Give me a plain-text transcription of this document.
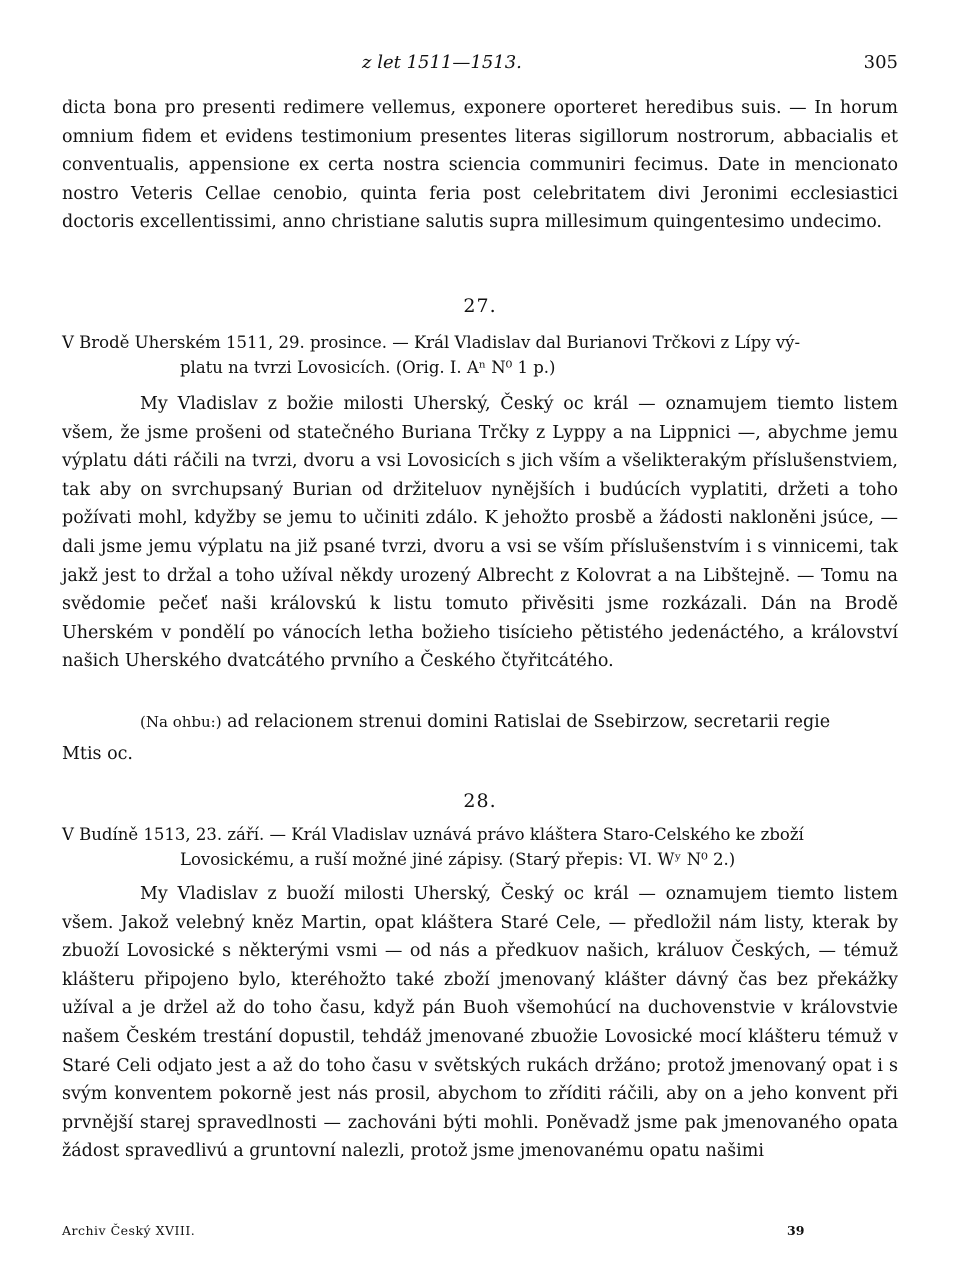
z let 1511—1513.	305

dicta bona pro presenti redimere vellemus, exponere oporteret heredibus suis. — In horum omnium fidem et evidens testimonium presentes literas sigillorum nostrorum, abbacialis et conventualis, appensione ex certa nostra sciencia communiri fecimus. Date in mencionato nostro Veteris Cellae cenobio, quinta feria post celebritatem divi Jeronimi ecclesiastici doctoris excellentissimi, anno christiane salutis supra millesimum quingentesimo undecimo.

27.
V Brodě Uherském 1511, 29. prosince. — Král Vladislav dal Burianovi Trčkovi z Lípy vý-
platu na tvrzi Lovosicích. (Orig. I. Aⁿ N⁰ 1 p.)

My Vladislav z božie milosti Uherský, Český oc král — oznamujem tiemto listem všem, že jsme prošeni od statečného Buriana Trčky z Lyppy a na Lippnici —, abychme jemu výplatu dáti ráčili na tvrzi, dvoru a vsi Lovosicích s jich vším a všelikterakým příslušenstviem, tak aby on svrchupsaný Burian od držiteluov nynějších i budúcích vyplatiti, držeti a toho požívati mohl, kdyžby se jemu to učiniti zdálo. K jehožto prosbě a žádosti nakloněni jsúce, — dali jsme jemu výplatu na již psané tvrzi, dvoru a vsi se vším příslušenstvím i s vinnicemi, tak jakž jest to držal a toho užíval někdy urozený Albrecht z Kolovrat a na Libštejně. — Tomu na svědomie pečeť naši královskú k listu tomuto přivěsiti jsme rozkázali. Dán na Brodě Uherském v pondělí po vánocích letha božieho tisícieho pětistého jedenáctého, a království našich Uherského dvatcátého prvního a Českého čtyřitcátého.

(Na ohbu:) ad relacionem strenui domini Ratislai de Ssebirzow, secretarii regie
Mtis oc.
28.
V Budíně 1513, 23. září. — Král Vladislav uznává právo kláštera Staro-Celského ke zboží
Lovosickému, a ruší možné jiné zápisy. (Starý přepis: VI. Wʸ N⁰ 2.)

My Vladislav z buoží milosti Uherský, Český oc král — oznamujem tiemto listem všem. Jakož velebný kněz Martin, opat kláštera Staré Cele, — předložil nám listy, kterak by zbuoží Lovosické s některými vsmi — od nás a předkuov našich, králuov Českých, — témuž klášteru připojeno bylo, kteréhožto také zboží jmenovaný klášter dávný čas bez překážky užíval a je držel až do toho času, když pán Buoh všemohúcí na duchovenstvie v královstvie našem Českém trestání dopustil, tehdáž jmenované zbuožie Lovosické mocí klášteru témuž v Staré Celi odjato jest a až do toho času v světských rukách držáno; protož jmenovaný opat i s svým konventem pokorně jest nás prosil, abychom to zříditi ráčili, aby on a jeho konvent při prvnější starej spravedlnosti — zachováni býti mohli. Poněvadž jsme pak jmenovaného opata žádost spravedlivú a gruntovní nalezli, protož jsme jmenovanému opatu našimi

Archiv Český XVIII.	39
